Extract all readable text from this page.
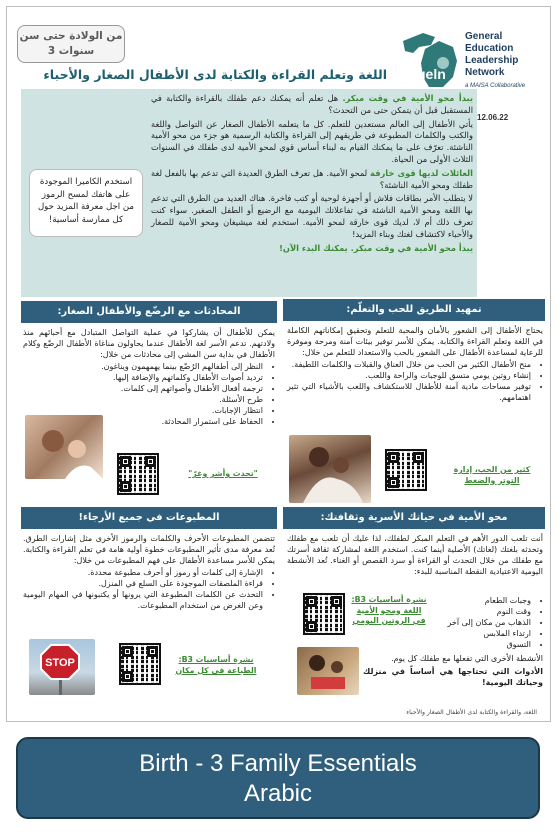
من الولادة حتى سن
3 سنوات
geln
General
Education
Leadership
Network
a MAISA Collaborative
اللغة وتعلم القراءة والكتابة لدى الأطفال الصغار والأحباء
12.06.22

يبدأ محو الأمية في وقت مبكر. هل تعلم أنه يمكنك دعم طفلك بالقراءة والكتابة في المستقبل قبل أن يتمكن حتى من التحدث؟

يأتي الأطفال إلى العالم مستعدين للتعلم. كل ما يتعلمه الأطفال الصغار عن التواصل واللغة والكتب والكلمات المطبوعة في طريقهم إلى القراءة والكتابة الرسمية هو جزء من محو الأمية الناشئة. تعرّف على ما يمكنك القيام به لبناء أساس قوي لمحو الأمية لدى طفلك في السنوات الثلاث الأولى من الحياة.

العائلات لديها قوى خارقة لمحو الأمية. هل تعرف الطرق العديدة التي تدعم بها بالفعل لغة طفلك ومحو الأمية الناشئة؟

لا يتطلب الأمر بطاقات فلاش أو أجهزة لوحية أو كتب فاخرة. هناك العديد من الطرق التي تدعم بها اللغة ومحو الأمية الناشئة في تفاعلاتك اليومية مع الرضيع أو الطفل الصغير. سواء كنت تعرف ذلك أم لا، لديك قوى خارقة لمحو الأمية. استخدم لغة ميشيغان ومحو الأمية للصغار والأحباء لاكتشاف لغتك وبناء المزيد!

يبدأ محو الأمية في وقت مبكر. يمكنك البدء الآن!

استخدم الكاميرا الموجودة على هاتفك لمسح الرموز من اجل معرفة المزيد حول كل ممارسة أساسية!
تمهيد الطريق للحب والتعلّم:
يحتاج الأطفال إلى الشعور بالأمان والمحبة للتعلم وتحقيق إمكاناتهم الكاملة في اللغة وتعلم القراءة والكتابة. يمكن للأسر توفير بيئات آمنة ومرحة وموفرة للرعاية لمساعدة الأطفال على الشعور بالحب والاستعداد للتعلم من خلال:
• منح الأطفال الكثير من الحب من خلال العناق والقبلات والكلمات اللطيفة.
• إنشاء روتين يومي متسق للوجبات والراحة واللعب.
• توفير مساحات مادية آمنة للأطفال للاستكشاف واللعب بالأشياء التي تثير اهتمامهم.
كثير من الحب، إدارة التوتر والضغط
المحادثات مع الرضّع والأطفال الصغار:
يمكن للأطفال أن يشاركوا في عملية التواصل المتبادل مع أحبائهم منذ ولادتهم. تدعم الأسر لغة الأطفال عندما يحاولون مناغاة الأطفال الرضّع وكلام الأطفال في بداية سن المشي إلى محادثات من خلال:
• النظر إلى أطفالهم الرُضّع بينما يهمهمون ويناغون.
• ترديد أصوات الأطفال وكلماتهم والإضافة إليها.
• ترجمة أفعال الأطفال وأصواتهم إلى كلمات.
• طرح الأسئلة.
• انتظار الإجابات.
• الحفاظ على استمرار المحادثة.
"تحدث وأشر وغرّ"
محو الأمية في حياتك الأسرية وثقافتك:
أنت تلعب الدور الأهم في التعلم المبكر لطفلك، لذا عليك أن تلعب مع طفلك وتحدثه بلغتك (لغاتك) الأصلية أينما كنت. استخدم اللغة لمشاركة ثقافة أسرتك مع طفلك من خلال التحدث أو القراءة أو سرد القصص أو الغناء. تُعد الأنشطة اليومية الاعتيادية النقطة المناسبة للبدء:
• وجبات الطعام
• وقت النوم
• الذهاب من مكان إلى آخر
• ارتداء الملابس
• التسوق
نشرة أساسيات B3: اللغة ومحو الأمية في الروتين اليومي
الأنشطة الأخرى التي تفعلها مع طفلك كل يوم.
الأدوات التي تحتاجها هي أساساً في منزلك وحياتك اليومية!
المطبوعات في جميع الأرجاء!
تتضمن المطبوعات الأحرف والكلمات والرموز الأخرى مثل إشارات الطرق. تُعد معرفة مدى تأثير المطبوعات خطوة أولية هامة في تعلم القراءة والكتابة. يمكن للأسر مساعدة الأطفال على فهم المطبوعات من خلال:
• الإشارة إلى كلمات أو رموز أو أحرف مطبوعة محددة.
• قراءة الملصقات الموجودة على السلع في المنزل.
• التحدث عن الكلمات المطبوعة التي يرونها أو يكتبونها في المهام اليومية وعن الغرض من استخدام المطبوعات.
STOP	نشرة أساسيات B3: الطباعة في كل مكان
اللغة، والقراءة والكتابة لدى الأطفال الصغار والأحباء
Birth - 3 Family Essentials
Arabic
